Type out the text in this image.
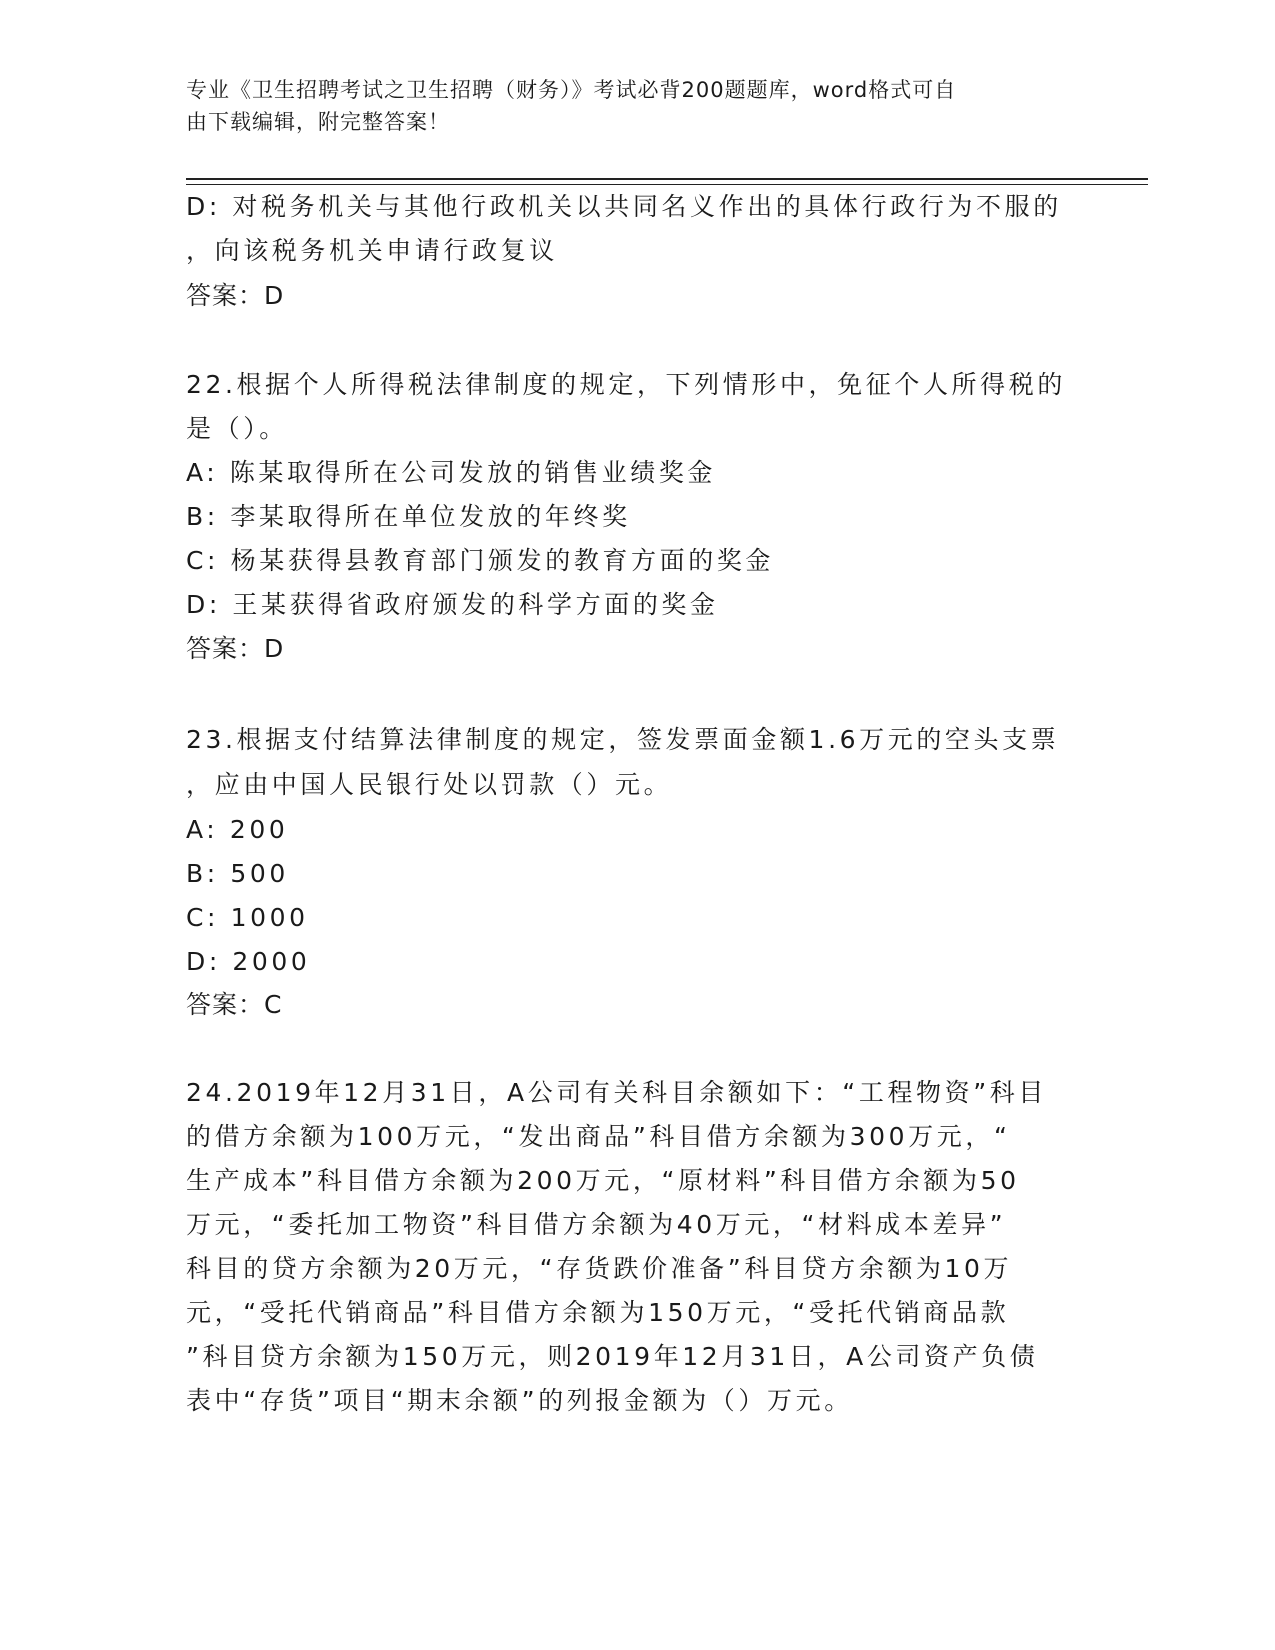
专业《卫生招聘考试之卫生招聘（财务）》考试必背200题题库，word格式可自
由下载编辑，附完整答案！
D: 对税务机关与其他行政机关以共同名义作出的具体行政行为不服的
，向该税务机关申请行政复议
答案：D
22.根据个人所得税法律制度的规定，下列情形中，免征个人所得税的
是（）。
A: 陈某取得所在公司发放的销售业绩奖金
B: 李某取得所在单位发放的年终奖
C: 杨某获得县教育部门颁发的教育方面的奖金
D: 王某获得省政府颁发的科学方面的奖金
答案：D
23.根据支付结算法律制度的规定，签发票面金额1.6万元的空头支票
，应由中国人民银行处以罚款（）元。
A: 200
B: 500
C: 1000
D: 2000
答案：C
24.2019年12月31日，A公司有关科目余额如下：“工程物资”科目
的借方余额为100万元，“发出商品”科目借方余额为300万元，“
生产成本”科目借方余额为200万元，“原材料”科目借方余额为50
万元，“委托加工物资”科目借方余额为40万元，“材料成本差异”
科目的贷方余额为20万元，“存货跌价准备”科目贷方余额为10万
元，“受托代销商品”科目借方余额为150万元，“受托代销商品款
”科目贷方余额为150万元，则2019年12月31日，A公司资产负债
表中“存货”项目“期末余额”的列报金额为（）万元。
